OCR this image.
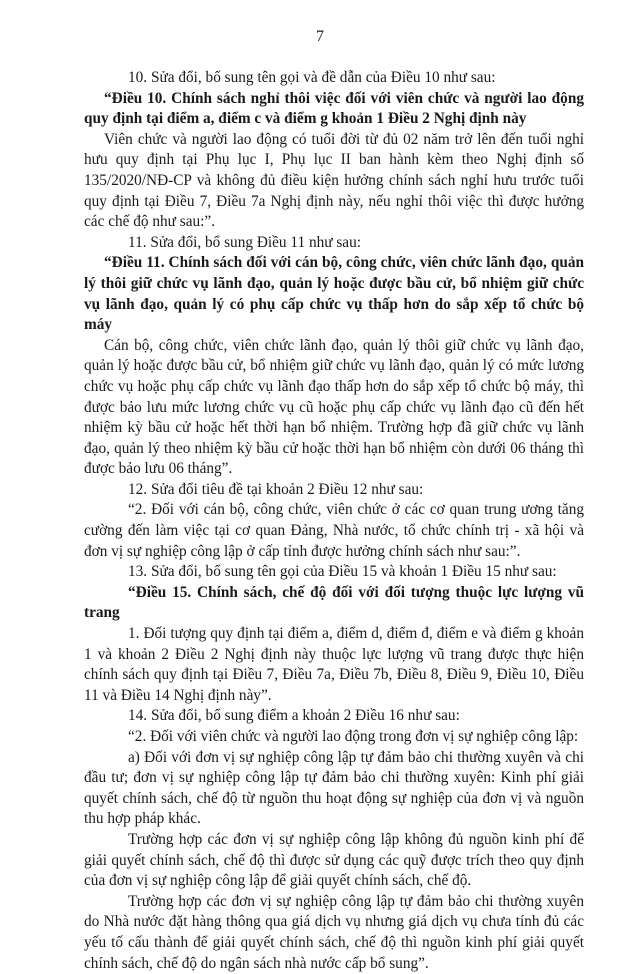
7

10. Sửa đổi, bổ sung tên gọi và đề dẫn của Điều 10 như sau:

“Điều 10. Chính sách nghỉ thôi việc đối với viên chức và người lao động quy định tại điểm a, điểm c và điểm g khoản 1 Điều 2 Nghị định này

Viên chức và người lao động có tuổi đời từ đủ 02 năm trở lên đến tuổi nghỉ hưu quy định tại Phụ lục I, Phụ lục II ban hành kèm theo Nghị định số 135/2020/NĐ-CP và không đủ điều kiện hưởng chính sách nghỉ hưu trước tuổi quy định tại Điều 7, Điều 7a Nghị định này, nếu nghỉ thôi việc thì được hưởng các chế độ như sau:”.

11. Sửa đổi, bổ sung Điều 11 như sau:

“Điều 11. Chính sách đối với cán bộ, công chức, viên chức lãnh đạo, quản lý thôi giữ chức vụ lãnh đạo, quản lý hoặc được bầu cử, bổ nhiệm giữ chức vụ lãnh đạo, quản lý có phụ cấp chức vụ thấp hơn do sắp xếp tổ chức bộ máy

Cán bộ, công chức, viên chức lãnh đạo, quản lý thôi giữ chức vụ lãnh đạo, quản lý hoặc được bầu cử, bổ nhiệm giữ chức vụ lãnh đạo, quản lý có mức lương chức vụ hoặc phụ cấp chức vụ lãnh đạo thấp hơn do sắp xếp tổ chức bộ máy, thì được bảo lưu mức lương chức vụ cũ hoặc phụ cấp chức vụ lãnh đạo cũ đến hết nhiệm kỳ bầu cử hoặc hết thời hạn bổ nhiệm. Trường hợp đã giữ chức vụ lãnh đạo, quản lý theo nhiệm kỳ bầu cử hoặc thời hạn bổ nhiệm còn dưới 06 tháng thì được bảo lưu 06 tháng”.

12. Sửa đổi tiêu đề tại khoản 2 Điều 12 như sau:

“2. Đối với cán bộ, công chức, viên chức ở các cơ quan trung ương tăng cường đến làm việc tại cơ quan Đảng, Nhà nước, tổ chức chính trị - xã hội và đơn vị sự nghiệp công lập ở cấp tỉnh được hưởng chính sách như sau:”.

13. Sửa đổi, bổ sung tên gọi của Điều 15 và khoản 1 Điều 15 như sau:

“Điều 15. Chính sách, chế độ đối với đối tượng thuộc lực lượng vũ trang

1. Đối tượng quy định tại điểm a, điểm d, điểm đ, điểm e và điểm g khoản 1 và khoản 2 Điều 2 Nghị định này thuộc lực lượng vũ trang được thực hiện chính sách quy định tại Điều 7, Điều 7a, Điều 7b, Điều 8, Điều 9, Điều 10, Điều 11 và Điều 14 Nghị định này”.

14. Sửa đổi, bổ sung điểm a khoản 2 Điều 16 như sau:

“2. Đối với viên chức và người lao động trong đơn vị sự nghiệp công lập:

a) Đối với đơn vị sự nghiệp công lập tự đảm bảo chi thường xuyên và chi đầu tư; đơn vị sự nghiệp công lập tự đảm bảo chi thường xuyên: Kinh phí giải quyết chính sách, chế độ từ nguồn thu hoạt động sự nghiệp của đơn vị và nguồn thu hợp pháp khác.

Trường hợp các đơn vị sự nghiệp công lập không đủ nguồn kinh phí để giải quyết chính sách, chế độ thì được sử dụng các quỹ được trích theo quy định của đơn vị sự nghiệp công lập để giải quyết chính sách, chế độ.

Trường hợp các đơn vị sự nghiệp công lập tự đảm bảo chi thường xuyên do Nhà nước đặt hàng thông qua giá dịch vụ nhưng giá dịch vụ chưa tính đủ các yếu tố cấu thành để giải quyết chính sách, chế độ thì nguồn kinh phí giải quyết chính sách, chế độ do ngân sách nhà nước cấp bổ sung”.
